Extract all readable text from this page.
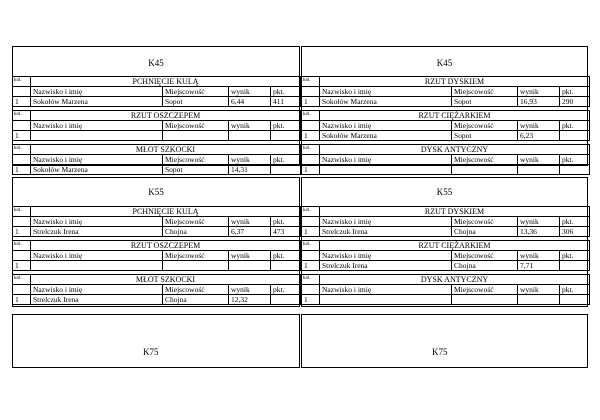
K45	K45
K55	K55
K75	K75
kol.	PCHNIĘCIE KULĄ			
	Nazwisko i imię	Miejscowość	wynik	pkt.
1	Sokołów Marzena	Sopot	6,44	411
kol.	RZUT OSZCZEPEM			
	Nazwisko i imię	Miejscowość	wynik	pkt.
1				
kol.	MŁOT SZKOCKI			
	Nazwisko i imię	Miejscowość	wynik	pkt.
1	Sokołów Marzena	Sopot	14,31	
kol.	RZUT DYSKIEM			
	Nazwisko i imię	Miejscowość	wynik	pkt.
1	Sokołów Marzena	Sopot	16,93	290
kol.	RZUT CIĘŻARKIEM			
	Nazwisko i imię	Miejscowość	wynik	pkt.
1	Sokołów Marzena	Sopot	6,23	
kol.	DYSK ANTYCZNY			
	Nazwisko i imię	Miejscowość	wynik	pkt.
1				
kol.	PCHNIĘCIE KULĄ			
	Nazwisko i imię	Miejscowość	wynik	pkt.
1	Strelczuk Irena	Chojna	6,37	473
kol.	RZUT OSZCZEPEM			
	Nazwisko i imię	Miejscowość	wynik	pkt.
1				
kol.	MŁOT SZKOCKI			
	Nazwisko i imię	Miejscowość	wynik	pkt.
1	Strelczuk Irena	Chojna	12,32	
kol.	RZUT DYSKIEM			
	Nazwisko i imię	Miejscowość	wynik	pkt.
1	Strelczuk Irena	Chojna	13,36	306
kol.	RZUT CIĘŻARKIEM			
	Nazwisko i imię	Miejscowość	wynik	pkt.
1	Strelczuk Irena	Chojna	7,71	
kol.	DYSK ANTYCZNY			
	Nazwisko i imię	Miejscowość	wynik	pkt.
1				
